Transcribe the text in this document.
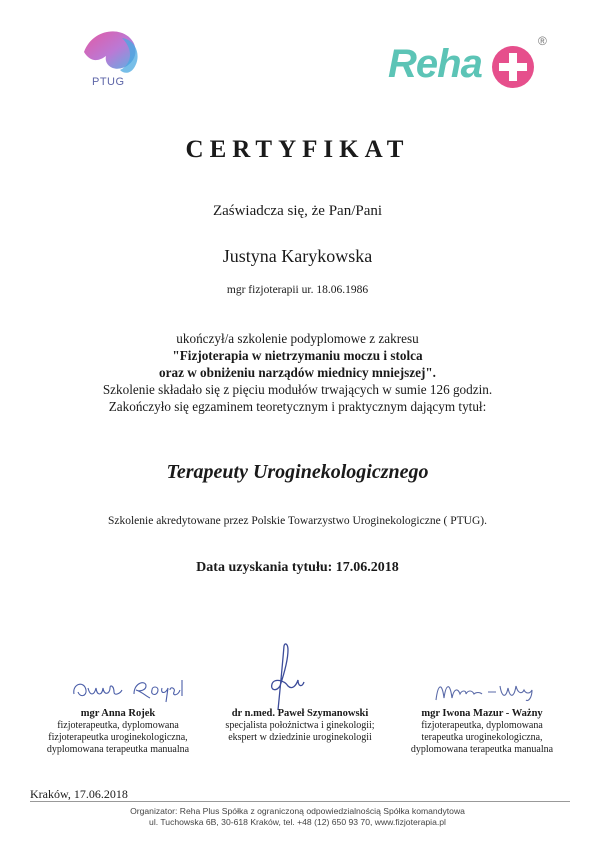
PTUG	Reha
®
CERTYFIKAT
Zaświadcza się, że Pan/Pani
Justyna Karykowska
mgr fizjoterapii ur. 18.06.1986
ukończył/a szkolenie podyplomowe z zakresu
"Fizjoterapia w nietrzymaniu moczu i stolca
oraz w obniżeniu narządów miednicy mniejszej".
Szkolenie składało się z pięciu modułów trwających w sumie 126 godzin.
Zakończyło się egzaminem teoretycznym i praktycznym dającym tytuł:
Terapeuty Uroginekologicznego
Szkolenie akredytowane przez Polskie Towarzystwo Uroginekologiczne ( PTUG).
Data uzyskania tytułu: 17.06.2018
mgr Anna Rojek
fizjoterapeutka, dyplomowana
fizjoterapeutka uroginekologiczna,
dyplomowana terapeutka manualna
dr n.med. Paweł Szymanowski
specjalista położnictwa i ginekologii;
ekspert w dziedzinie uroginekologii
mgr Iwona Mazur - Ważny
fizjoterapeutka, dyplomowana
terapeutka uroginekologiczna,
dyplomowana terapeutka manualna
Kraków, 17.06.2018
Organizator: Reha Plus Spółka z ograniczoną odpowiedzialnością Spółka komandytowa
ul. Tuchowska 6B, 30-618 Kraków, tel. +48 (12) 650 93 70, www.fizjoterapia.pl
